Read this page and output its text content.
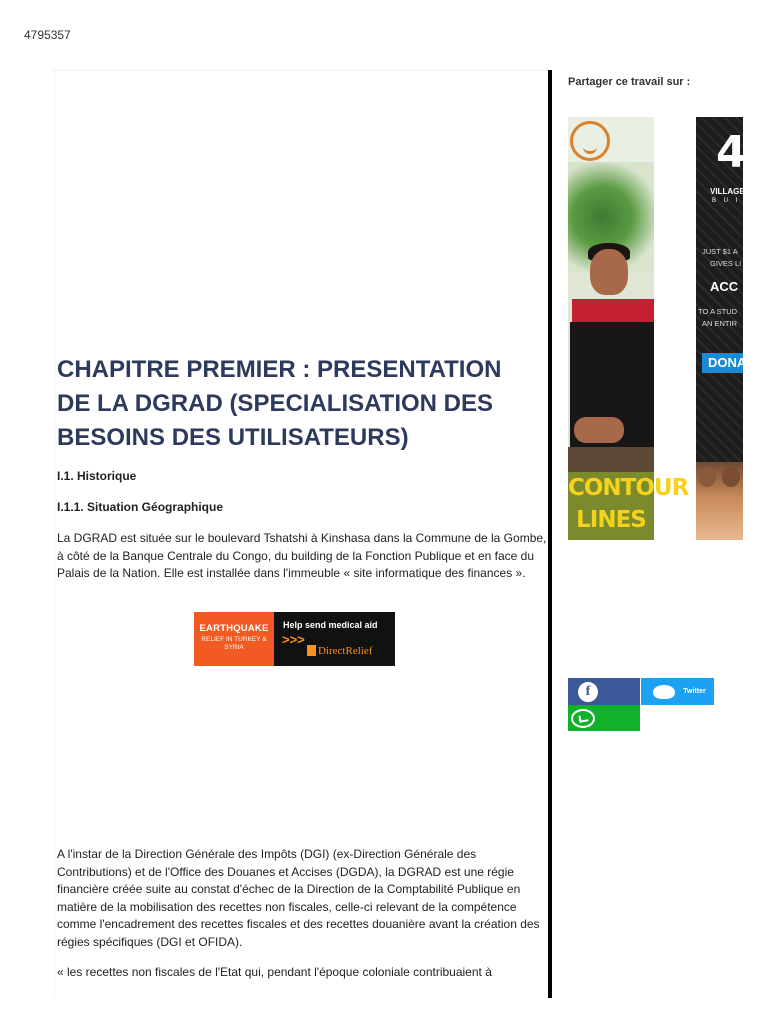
4795357
CHAPITRE PREMIER : PRESENTATION DE LA DGRAD (SPECIALISATION DES BESOINS DES UTILISATEURS)
I.1. Historique
I.1.1. Situation Géographique
La DGRAD est située sur le boulevard Tshatshi à Kinshasa dans la Commune de la Gombe, à côté de la Banque Centrale du Congo, du building de la Fonction Publique et en face du Palais de la Nation. Elle est installée dans l'immeuble « site informatique des finances ».
EARTHQUAKE
RELIEF IN TURKEY & SYRIA
Help send medical aid
>>>
DirectRelief
A l'instar de la Direction Générale des Impôts (DGI) (ex-Direction Générale des Contributions) et de l'Office des Douanes et Accises (DGDA), la DGRAD est une régie financière créée suite au constat d'échec de la Direction de la Comptabilité Publique en matière de la mobilisation des recettes non fiscales, celle-ci relevant de la compétence comme l'encadrement des recettes fiscales et des recettes douanière avant la création des régies spécifiques (DGI et OFIDA).
« les recettes non fiscales de l'Etat qui, pendant l'époque coloniale contribuaient à
Partager ce travail sur :
CONTOUR
LINES
4
VILLAGE
B U I L
JUST $1 A
GIVES LI
ACC
TO A STUD
AN ENTIR
DONA
f	Twitter
